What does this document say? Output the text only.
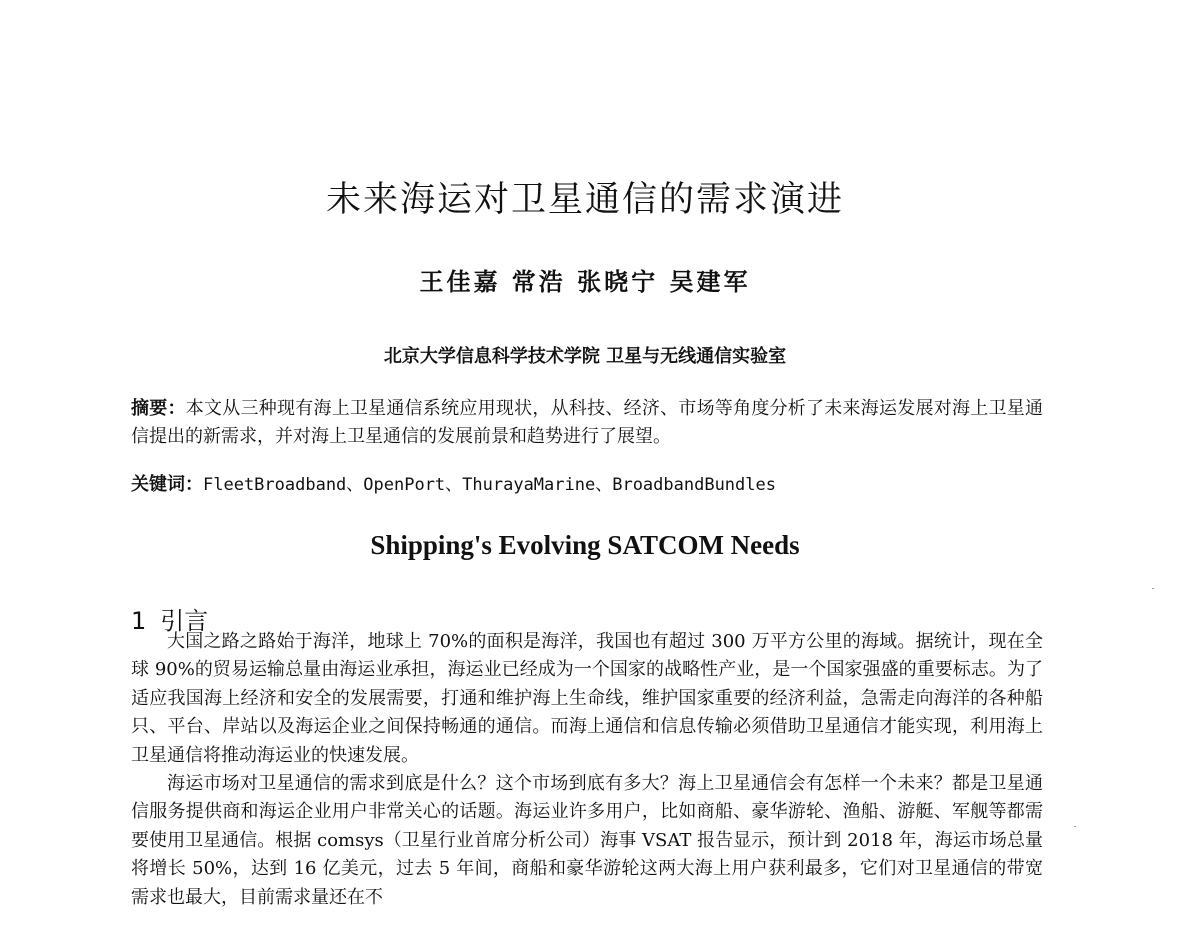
未来海运对卫星通信的需求演进
王佳嘉 常浩 张晓宁 吴建军
北京大学信息科学技术学院 卫星与无线通信实验室
摘要：本文从三种现有海上卫星通信系统应用现状，从科技、经济、市场等角度分析了未来海运发展对海上卫星通信提出的新需求，并对海上卫星通信的发展前景和趋势进行了展望。
关键词：FleetBroadband、OpenPort、ThurayaMarine、BroadbandBundles
Shipping's Evolving SATCOM Needs
1 引言

大国之路之路始于海洋，地球上 70%的面积是海洋，我国也有超过 300 万平方公里的海域。据统计，现在全球 90%的贸易运输总量由海运业承担，海运业已经成为一个国家的战略性产业，是一个国家强盛的重要标志。为了适应我国海上经济和安全的发展需要，打通和维护海上生命线，维护国家重要的经济利益，急需走向海洋的各种船只、平台、岸站以及海运企业之间保持畅通的通信。而海上通信和信息传输必须借助卫星通信才能实现，利用海上卫星通信将推动海运业的快速发展。

海运市场对卫星通信的需求到底是什么？这个市场到底有多大？海上卫星通信会有怎样一个未来？都是卫星通信服务提供商和海运企业用户非常关心的话题。海运业许多用户，比如商船、豪华游轮、渔船、游艇、军舰等都需要使用卫星通信。根据 comsys（卫星行业首席分析公司）海事 VSAT 报告显示，预计到 2018 年，海运市场总量将增长 50%，达到 16 亿美元，过去 5 年间，商船和豪华游轮这两大海上用户获利最多，它们对卫星通信的带宽需求也最大，目前需求量还在不
